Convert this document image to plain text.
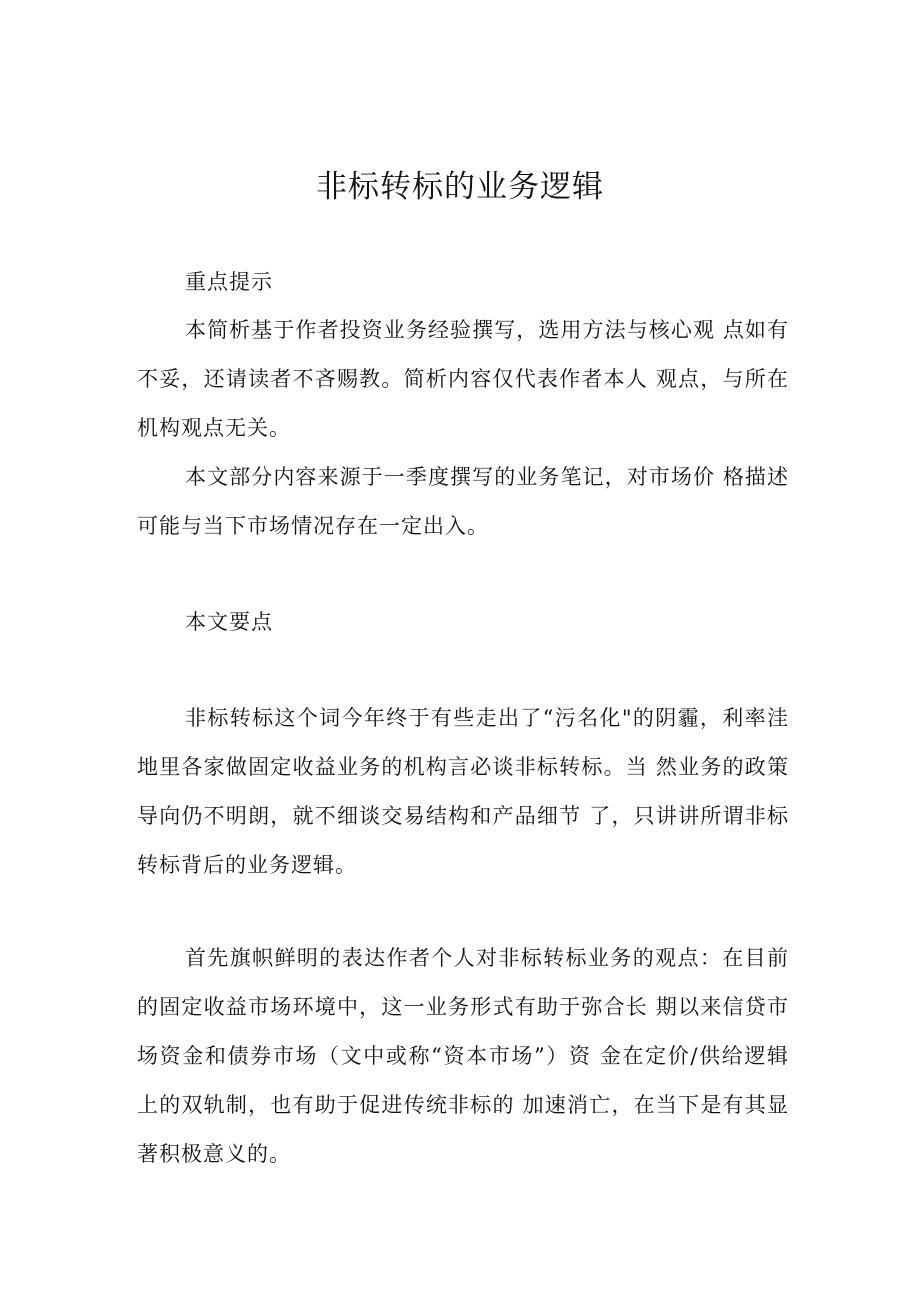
非标转标的业务逻辑

重点提示

本简析基于作者投资业务经验撰写，选用方法与核心观 点如有不妥，还请读者不吝赐教。简析内容仅代表作者本人 观点，与所在机构观点无关。

本文部分内容来源于一季度撰写的业务笔记，对市场价 格描述可能与当下市场情况存在一定出入。

本文要点

非标转标这个词今年终于有些走出了“污名化"的阴霾，利率洼地里各家做固定收益业务的机构言必谈非标转标。当 然业务的政策导向仍不明朗，就不细谈交易结构和产品细节 了，只讲讲所谓非标转标背后的业务逻辑。

首先旗帜鲜明的表达作者个人对非标转标业务的观点：在目前的固定收益市场环境中，这一业务形式有助于弥合长 期以来信贷市场资金和债券市场（文中或称“资本市场”）资 金在定价/供给逻辑上的双轨制，也有助于促进传统非标的 加速消亡，在当下是有其显著积极意义的。
